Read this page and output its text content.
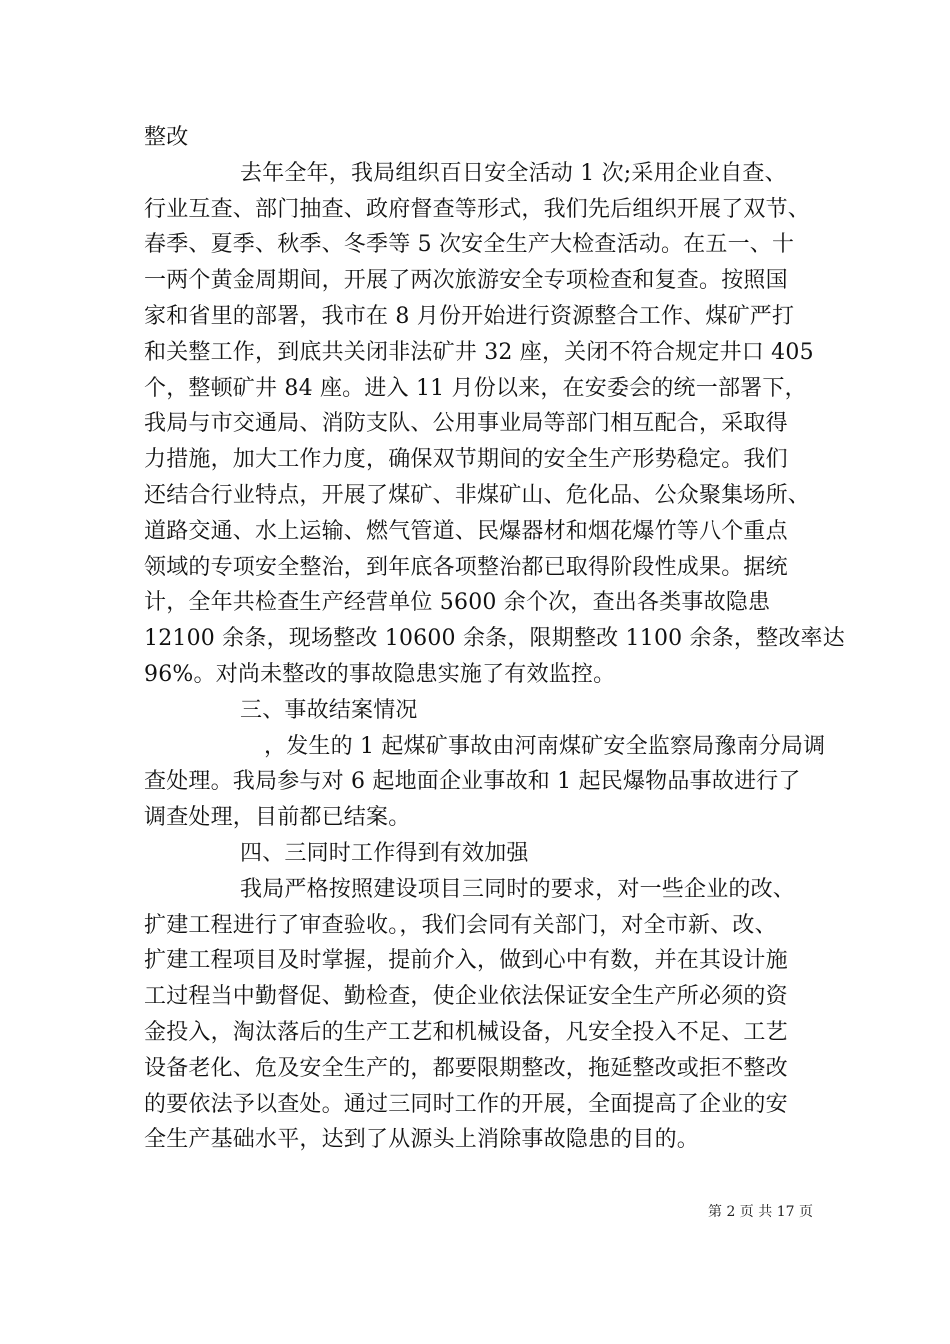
整改
去年全年，我局组织百日安全活动 1 次;采用企业自查、
行业互查、部门抽查、政府督查等形式，我们先后组织开展了双节、
春季、夏季、秋季、冬季等 5 次安全生产大检查活动。在五一、十
一两个黄金周期间，开展了两次旅游安全专项检查和复查。按照国
家和省里的部署，我市在 8 月份开始进行资源整合工作、煤矿严打
和关整工作，到底共关闭非法矿井 32 座，关闭不符合规定井口 405
个，整顿矿井 84 座。进入 11 月份以来，在安委会的统一部署下，
我局与市交通局、消防支队、公用事业局等部门相互配合，采取得
力措施，加大工作力度，确保双节期间的安全生产形势稳定。我们
还结合行业特点，开展了煤矿、非煤矿山、危化品、公众聚集场所、
道路交通、水上运输、燃气管道、民爆器材和烟花爆竹等八个重点
领域的专项安全整治，到年底各项整治都已取得阶段性成果。据统
计，全年共检查生产经营单位 5600 余个次，查出各类事故隐患
12100 余条，现场整改 10600 余条，限期整改 1100 余条，整改率达
96%。对尚未整改的事故隐患实施了有效监控。
三、事故结案情况
，发生的 1 起煤矿事故由河南煤矿安全监察局豫南分局调
查处理。我局参与对 6 起地面企业事故和 1 起民爆物品事故进行了
调查处理，目前都已结案。
四、三同时工作得到有效加强
我局严格按照建设项目三同时的要求，对一些企业的改、
扩建工程进行了审查验收。，我们会同有关部门，对全市新、改、
扩建工程项目及时掌握，提前介入，做到心中有数，并在其设计施
工过程当中勤督促、勤检查，使企业依法保证安全生产所必须的资
金投入，淘汰落后的生产工艺和机械设备，凡安全投入不足、工艺
设备老化、危及安全生产的，都要限期整改，拖延整改或拒不整改
的要依法予以查处。通过三同时工作的开展，全面提高了企业的安
全生产基础水平，达到了从源头上消除事故隐患的目的。
第 2 页 共 17 页
